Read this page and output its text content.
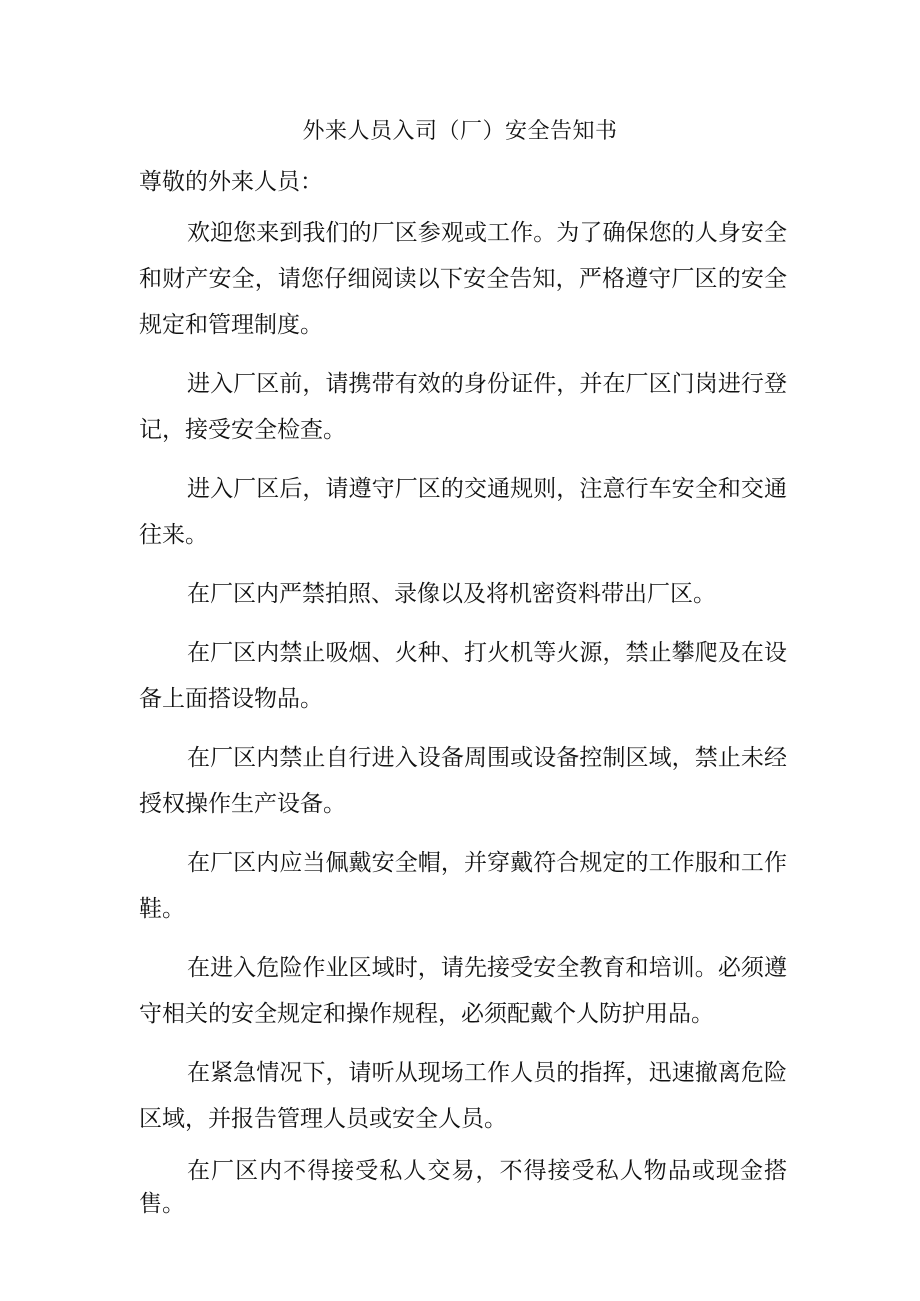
外来人员入司（厂）安全告知书
尊敬的外来人员：

欢迎您来到我们的厂区参观或工作。为了确保您的人身安全和财产安全，请您仔细阅读以下安全告知，严格遵守厂区的安全规定和管理制度。

进入厂区前，请携带有效的身份证件，并在厂区门岗进行登记，接受安全检查。

进入厂区后，请遵守厂区的交通规则，注意行车安全和交通往来。

在厂区内严禁拍照、录像以及将机密资料带出厂区。

在厂区内禁止吸烟、火种、打火机等火源，禁止攀爬及在设备上面搭设物品。

在厂区内禁止自行进入设备周围或设备控制区域，禁止未经授权操作生产设备。

在厂区内应当佩戴安全帽，并穿戴符合规定的工作服和工作鞋。

在进入危险作业区域时，请先接受安全教育和培训。必须遵守相关的安全规定和操作规程，必须配戴个人防护用品。

在紧急情况下，请听从现场工作人员的指挥，迅速撤离危险区域，并报告管理人员或安全人员。

在厂区内不得接受私人交易，不得接受私人物品或现金搭售。
